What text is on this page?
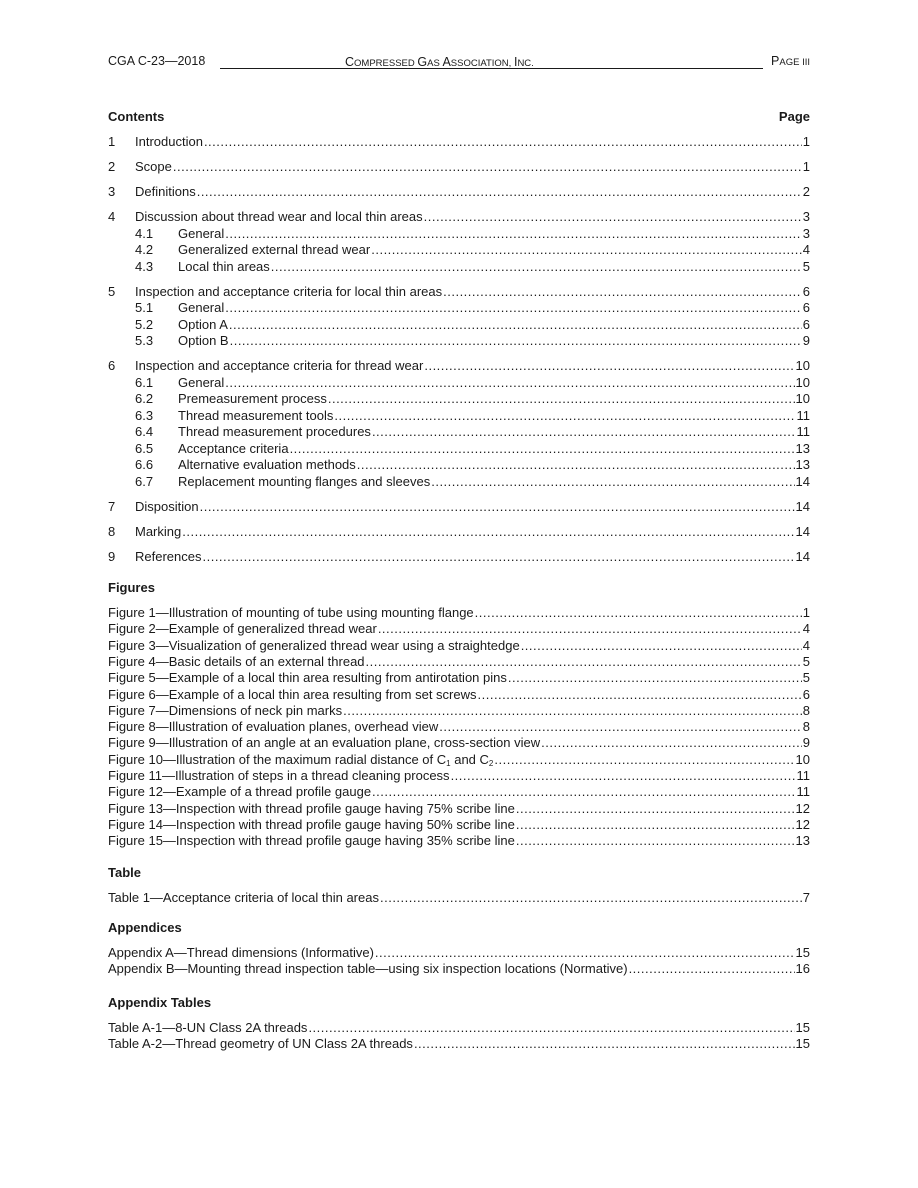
CGA C-23—2018	COMPRESSED GAS ASSOCIATION, INC.	PAGE III
Contents	Page
1	Introduction .....	1
2	Scope .....	1
3	Definitions .....	2
4	Discussion about thread wear and local thin areas .....	3
4.1	General .....	3
4.2	Generalized external thread wear .....	4
4.3	Local thin areas .....	5
5	Inspection and acceptance criteria for local thin areas .....	6
5.1	General .....	6
5.2	Option A .....	6
5.3	Option B .....	9
6	Inspection and acceptance criteria for thread wear .....	10
6.1	General .....	10
6.2	Premeasurement process .....	10
6.3	Thread measurement tools .....	11
6.4	Thread measurement procedures .....	11
6.5	Acceptance criteria .....	13
6.6	Alternative evaluation methods .....	13
6.7	Replacement mounting flanges and sleeves .....	14
7	Disposition .....	14
8	Marking .....	14
9	References .....	14
Figures
Figure 1—Illustration of mounting of tube using mounting flange .....	1
Figure 2—Example of generalized thread wear .....	4
Figure 3—Visualization of generalized thread wear using a straightedge .....	4
Figure 4—Basic details of an external thread .....	5
Figure 5—Example of a local thin area resulting from antirotation pins .....	5
Figure 6—Example of a local thin area resulting from set screws .....	6
Figure 7—Dimensions of neck pin marks .....	8
Figure 8—Illustration of evaluation planes, overhead view .....	8
Figure 9—Illustration of an angle at an evaluation plane, cross-section view .....	9
Figure 10—Illustration of the maximum radial distance of $C_1$ and $C_2$ .....	10
Figure 11—Illustration of steps in a thread cleaning process .....	11
Figure 12—Example of a thread profile gauge .....	11
Figure 13—Inspection with thread profile gauge having 75% scribe line .....	12
Figure 14—Inspection with thread profile gauge having 50% scribe line .....	12
Figure 15—Inspection with thread profile gauge having 35% scribe line .....	13
Table
Table 1—Acceptance criteria of local thin areas .....	7
Appendices
Appendix A—Thread dimensions (Informative) .....	15
Appendix B—Mounting thread inspection table—using six inspection locations (Normative) .....	16
Appendix Tables
Table A-1—8-UN Class 2A threads .....	15
Table A-2—Thread geometry of UN Class 2A threads .....	15
